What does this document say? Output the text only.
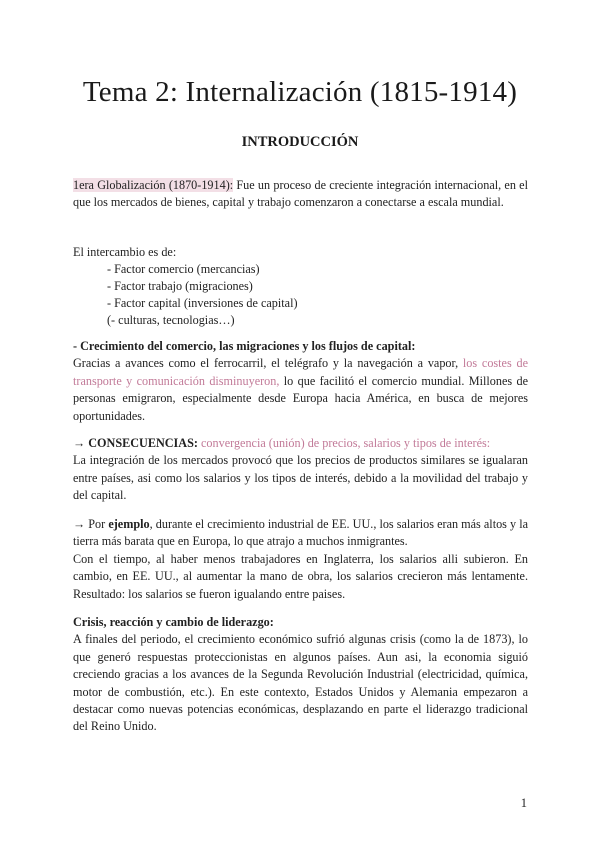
Tema 2: Internalización (1815-1914)
INTRODUCCIÓN

1era Globalización (1870-1914): Fue un proceso de creciente integración internacional, en el que los mercados de bienes, capital y trabajo comenzaron a conectarse a escala mundial.

El intercambio es de:

- Factor comercio (mercancias)
- Factor trabajo (migraciones)
- Factor capital (inversiones de capital)
(- culturas, tecnologias…)

- Crecimiento del comercio, las migraciones y los flujos de capital:
Gracias a avances como el ferrocarril, el telégrafo y la navegación a vapor, los costes de transporte y comunicación disminuyeron, lo que facilitó el comercio mundial. Millones de personas emigraron, especialmente desde Europa hacia América, en busca de mejores oportunidades.

→ CONSECUENCIAS: convergencia (unión) de precios, salarios y tipos de interés:
La integración de los mercados provocó que los precios de productos similares se igualaran entre países, asi como los salarios y los tipos de interés, debido a la movilidad del trabajo y del capital.

→ Por ejemplo, durante el crecimiento industrial de EE. UU., los salarios eran más altos y la tierra más barata que en Europa, lo que atrajo a muchos inmigrantes.
Con el tiempo, al haber menos trabajadores en Inglaterra, los salarios alli subieron. En cambio, en EE. UU., al aumentar la mano de obra, los salarios crecieron más lentamente. Resultado: los salarios se fueron igualando entre paises.

Crisis, reacción y cambio de liderazgo:
A finales del periodo, el crecimiento económico sufrió algunas crisis (como la de 1873), lo que generó respuestas proteccionistas en algunos países. Aun asi, la economia siguió creciendo gracias a los avances de la Segunda Revolución Industrial (electricidad, química, motor de combustión, etc.). En este contexto, Estados Unidos y Alemania empezaron a destacar como nuevas potencias económicas, desplazando en parte el liderazgo tradicional del Reino Unido.

1
